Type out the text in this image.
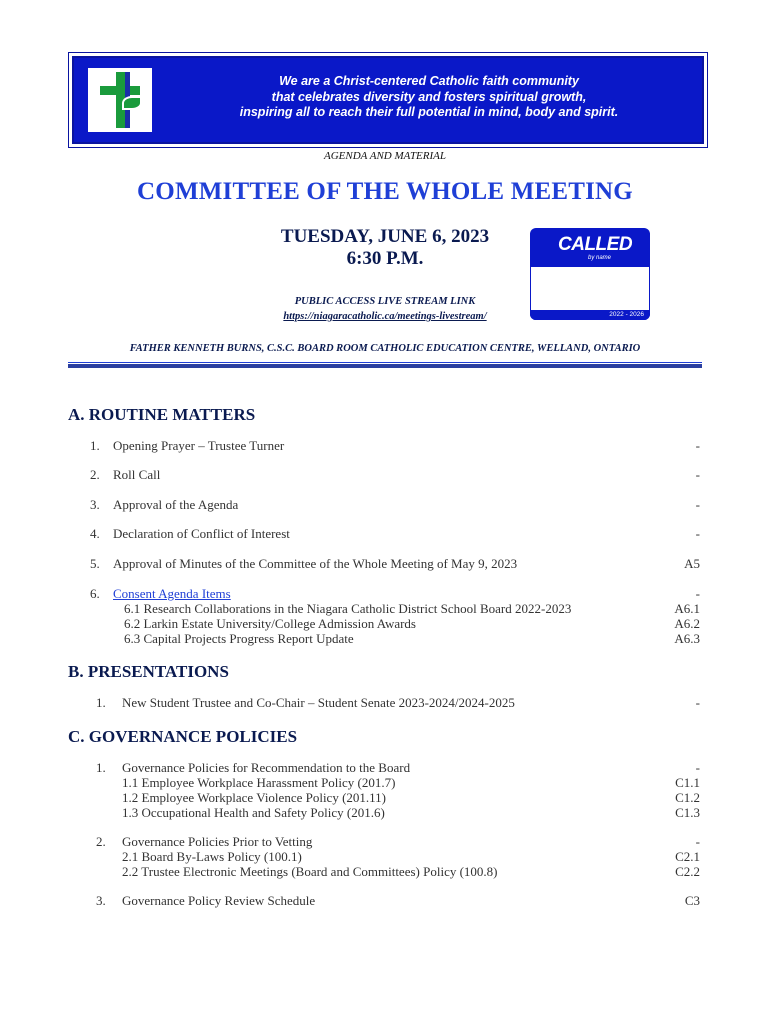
We are a Christ-centered Catholic faith community
that celebrates diversity and fosters spiritual growth,
inspiring all to reach their full potential in mind, body and spirit.
AGENDA AND MATERIAL
COMMITTEE OF THE WHOLE MEETING
TUESDAY, JUNE 6, 2023
6:30 P.M.
PUBLIC ACCESS LIVE STREAM LINK
https://niagaracatholic.ca/meetings-livestream/
CALLED
by name
2022 - 2026
FATHER KENNETH BURNS, C.S.C. BOARD ROOM CATHOLIC EDUCATION CENTRE, WELLAND, ONTARIO
A. ROUTINE MATTERS
1. Opening Prayer – Trustee Turner	-
2. Roll Call	-
3. Approval of the Agenda	-
4. Declaration of Conflict of Interest	-
5. Approval of Minutes of the Committee of the Whole Meeting of May 9, 2023	A5
6. Consent Agenda Items	-
6.1 Research Collaborations in the Niagara Catholic District School Board 2022-2023	A6.1
6.2 Larkin Estate University/College Admission Awards	A6.2
6.3 Capital Projects Progress Report Update	A6.3
B. PRESENTATIONS
1. New Student Trustee and Co-Chair – Student Senate 2023-2024/2024-2025	-
C. GOVERNANCE POLICIES
1. Governance Policies for Recommendation to the Board	-
1.1 Employee Workplace Harassment Policy (201.7)	C1.1
1.2 Employee Workplace Violence Policy (201.11)	C1.2
1.3 Occupational Health and Safety Policy (201.6)	C1.3
2. Governance Policies Prior to Vetting	-
2.1 Board By-Laws Policy (100.1)	C2.1
2.2 Trustee Electronic Meetings (Board and Committees) Policy (100.8)	C2.2
3. Governance Policy Review Schedule	C3
